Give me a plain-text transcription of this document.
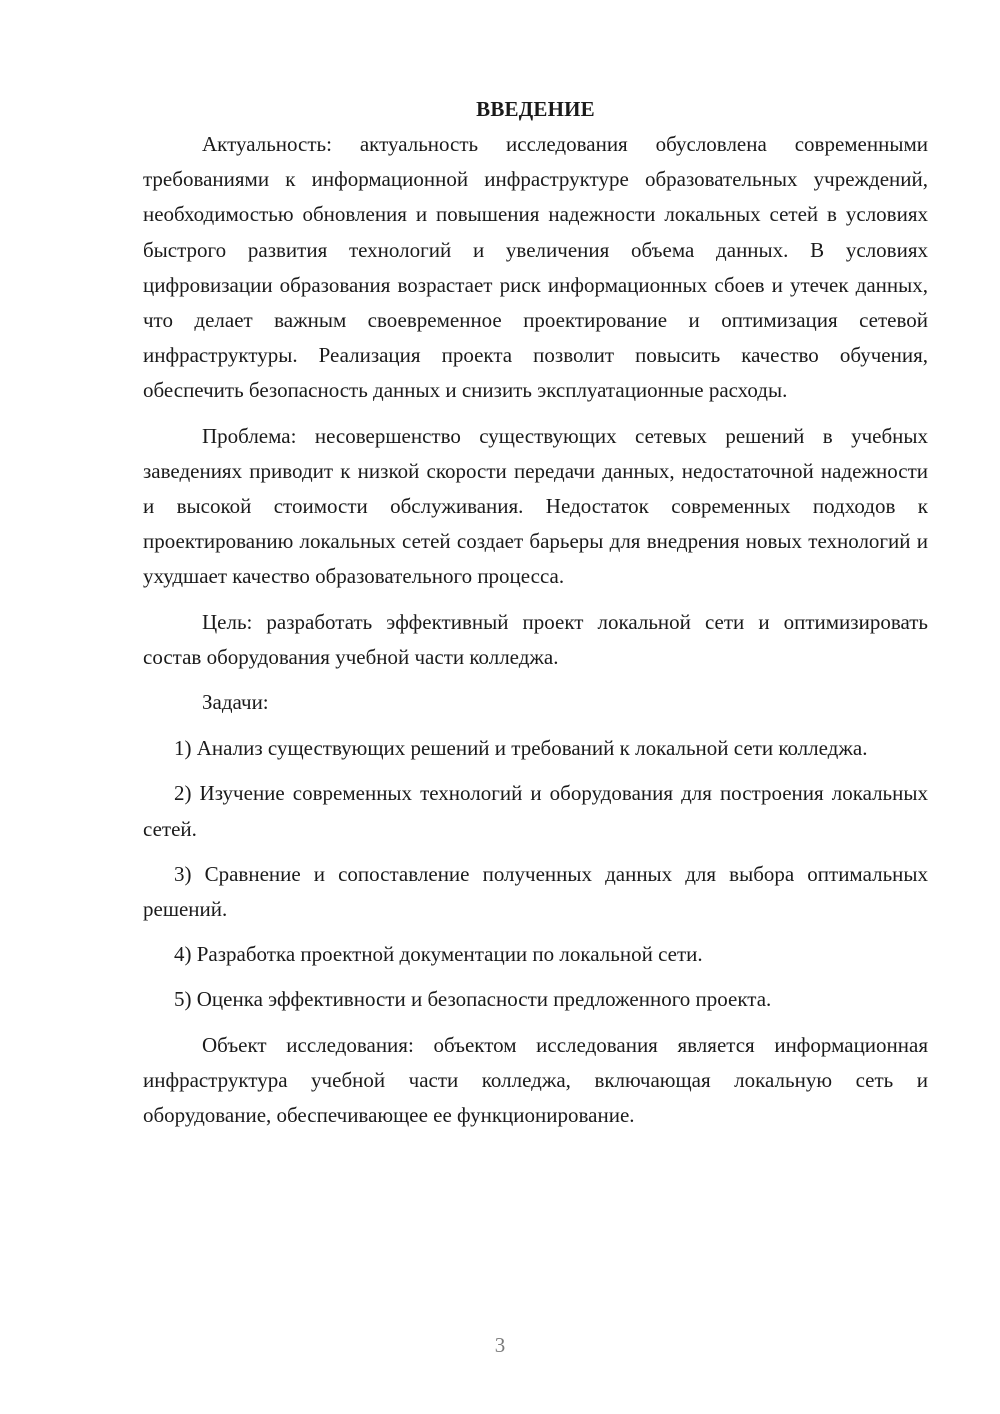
ВВЕДЕНИЕ

Актуальность: актуальность исследования обусловлена современными требованиями к информационной инфраструктуре образовательных учреждений, необходимостью обновления и повышения надежности локальных сетей в условиях быстрого развития технологий и увеличения объема данных. В условиях цифровизации образования возрастает риск информационных сбоев и утечек данных, что делает важным своевременное проектирование и оптимизация сетевой инфраструктуры. Реализация проекта позволит повысить качество обучения, обеспечить безопасность данных и снизить эксплуатационные расходы.

Проблема: несовершенство существующих сетевых решений в учебных заведениях приводит к низкой скорости передачи данных, недостаточной надежности и высокой стоимости обслуживания. Недостаток современных подходов к проектированию локальных сетей создает барьеры для внедрения новых технологий и ухудшает качество образовательного процесса.

Цель: разработать эффективный проект локальной сети и оптимизировать состав оборудования учебной части колледжа.

Задачи:

1) Анализ существующих решений и требований к локальной сети колледжа.

2) Изучение современных технологий и оборудования для построения локальных сетей.

3) Сравнение и сопоставление полученных данных для выбора оптимальных решений.

4) Разработка проектной документации по локальной сети.

5) Оценка эффективности и безопасности предложенного проекта.

Объект исследования: объектом исследования является информационная инфраструктура учебной части колледжа, включающая локальную сеть и оборудование, обеспечивающее ее функционирование.

3
